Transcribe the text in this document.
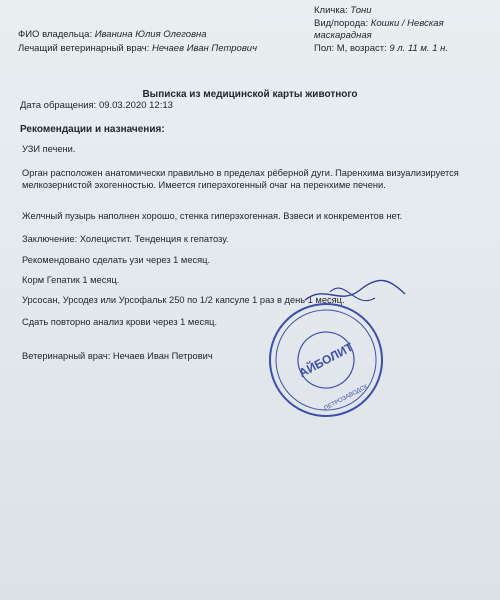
ФИО владельца: Иванина Юлия Олеговна
Лечащий ветеринарный врач: Нечаев Иван Петрович
Кличка: Тони
Вид/порода: Кошки / Невская
маскарадная
Пол: М, возраст: 9 л. 11 м. 1 н.
Выписка из медицинской карты животного
Дата обращения: 09.03.2020 12:13
Рекомендации и назначения:
УЗИ печени.
Орган расположен анатомически правильно в пределах рёберной дуги. Паренхима визуализируется мелкозернистой эхогенностью. Имеется гиперэхогенный очаг на перенхиме печени.
Желчный пузырь наполнен хорошо, стенка гиперэхогенная. Взвеси и конкрементов нет.
Заключение: Холецистит. Тенденция к гепатозу.
Рекомендовано сделать узи через 1 месяц.
Корм Гепатик 1 месяц.
Урсосан, Урсодез или Урсофальк 250 по 1/2 капсуле 1 раз в день 1 месяц.
Сдать повторно анализ крови через 1 месяц.
Ветеринарный врач: Нечаев Иван Петрович	АЙБОЛИТ
ПЕТРОЗАВОДСК
